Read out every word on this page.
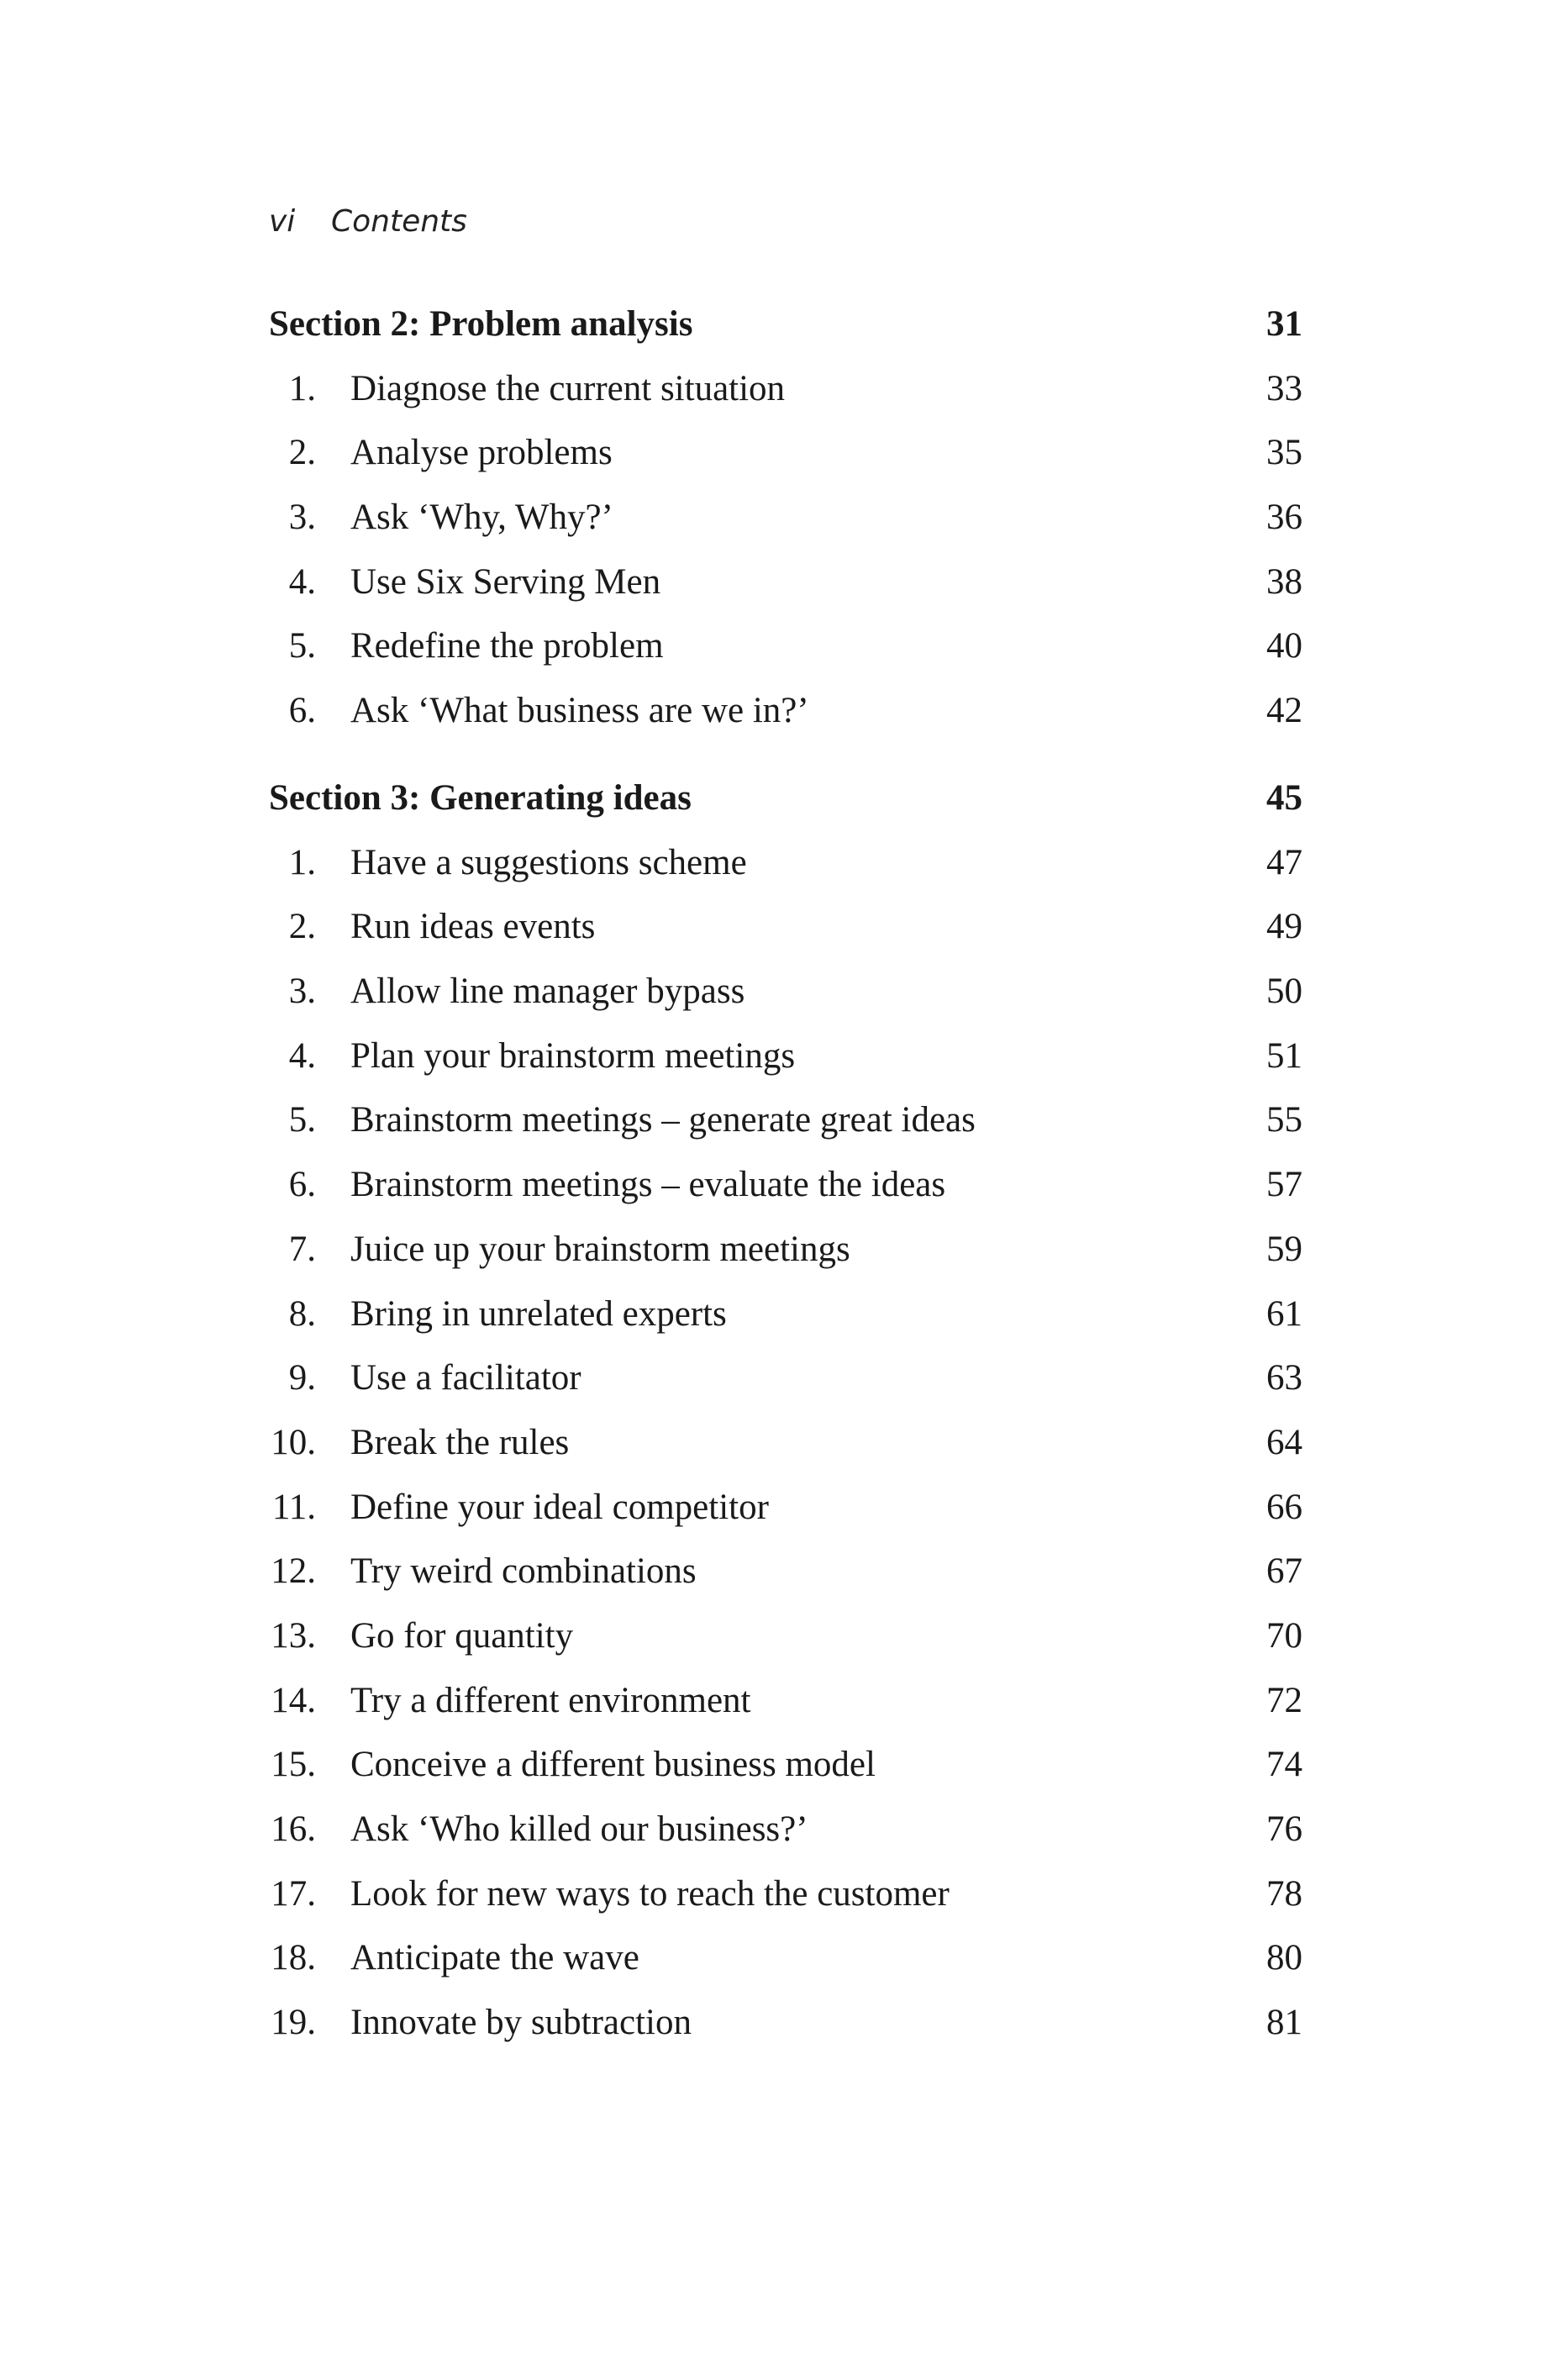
vi Contents
Section 2: Problem analysis	31
1. Diagnose the current situation	33
2. Analyse problems	35
3. Ask ‘Why, Why?’	36
4. Use Six Serving Men	38
5. Redefine the problem	40
6. Ask ‘What business are we in?’	42
Section 3: Generating ideas	45
1. Have a suggestions scheme	47
2. Run ideas events	49
3. Allow line manager bypass	50
4. Plan your brainstorm meetings	51
5. Brainstorm meetings – generate great ideas	55
6. Brainstorm meetings – evaluate the ideas	57
7. Juice up your brainstorm meetings	59
8. Bring in unrelated experts	61
9. Use a facilitator	63
10. Break the rules	64
11. Define your ideal competitor	66
12. Try weird combinations	67
13. Go for quantity	70
14. Try a different environment	72
15. Conceive a different business model	74
16. Ask ‘Who killed our business?’	76
17. Look for new ways to reach the customer	78
18. Anticipate the wave	80
19. Innovate by subtraction	81
